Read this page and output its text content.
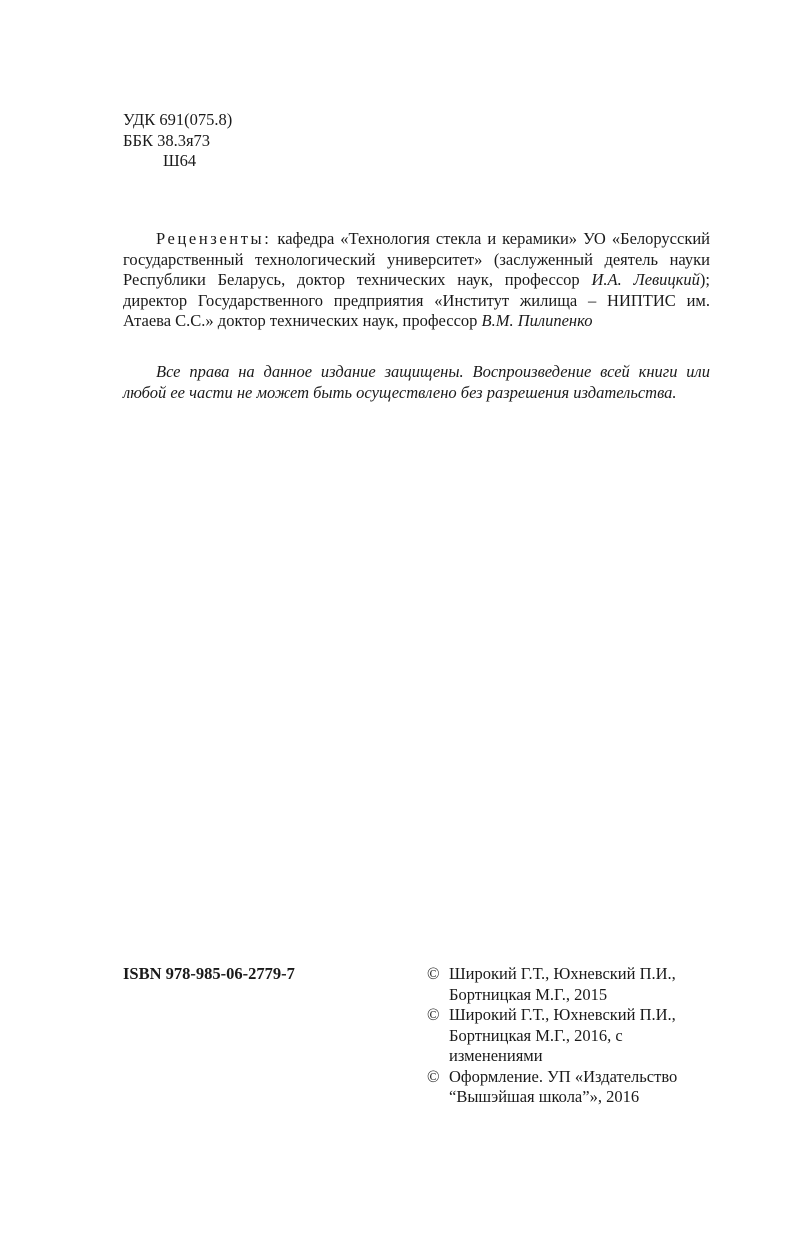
УДК 691(075.8)
ББК 38.3я73
Ш64
Рецензенты: кафедра «Технология стекла и керамики» УО «Белорусский государственный технологический университет» (заслуженный деятель науки Республики Беларусь, доктор технических наук, профессор И.А. Левицкий); директор Государственного предприятия «Институт жилища – НИПТИС им. Атаева С.С.» доктор технических наук, профессор В.М. Пилипенко
Все права на данное издание защищены. Воспроизведение всей книги или любой ее части не может быть осуществлено без разрешения издательства.
ISBN 978-985-06-2779-7	© Широкий Г.Т., Юхневский П.И., Бортницкая М.Г., 2015
© Широкий Г.Т., Юхневский П.И., Бортницкая М.Г., 2016, с изменениями
© Оформление. УП «Издательство “Вышэйшая школа”», 2016
